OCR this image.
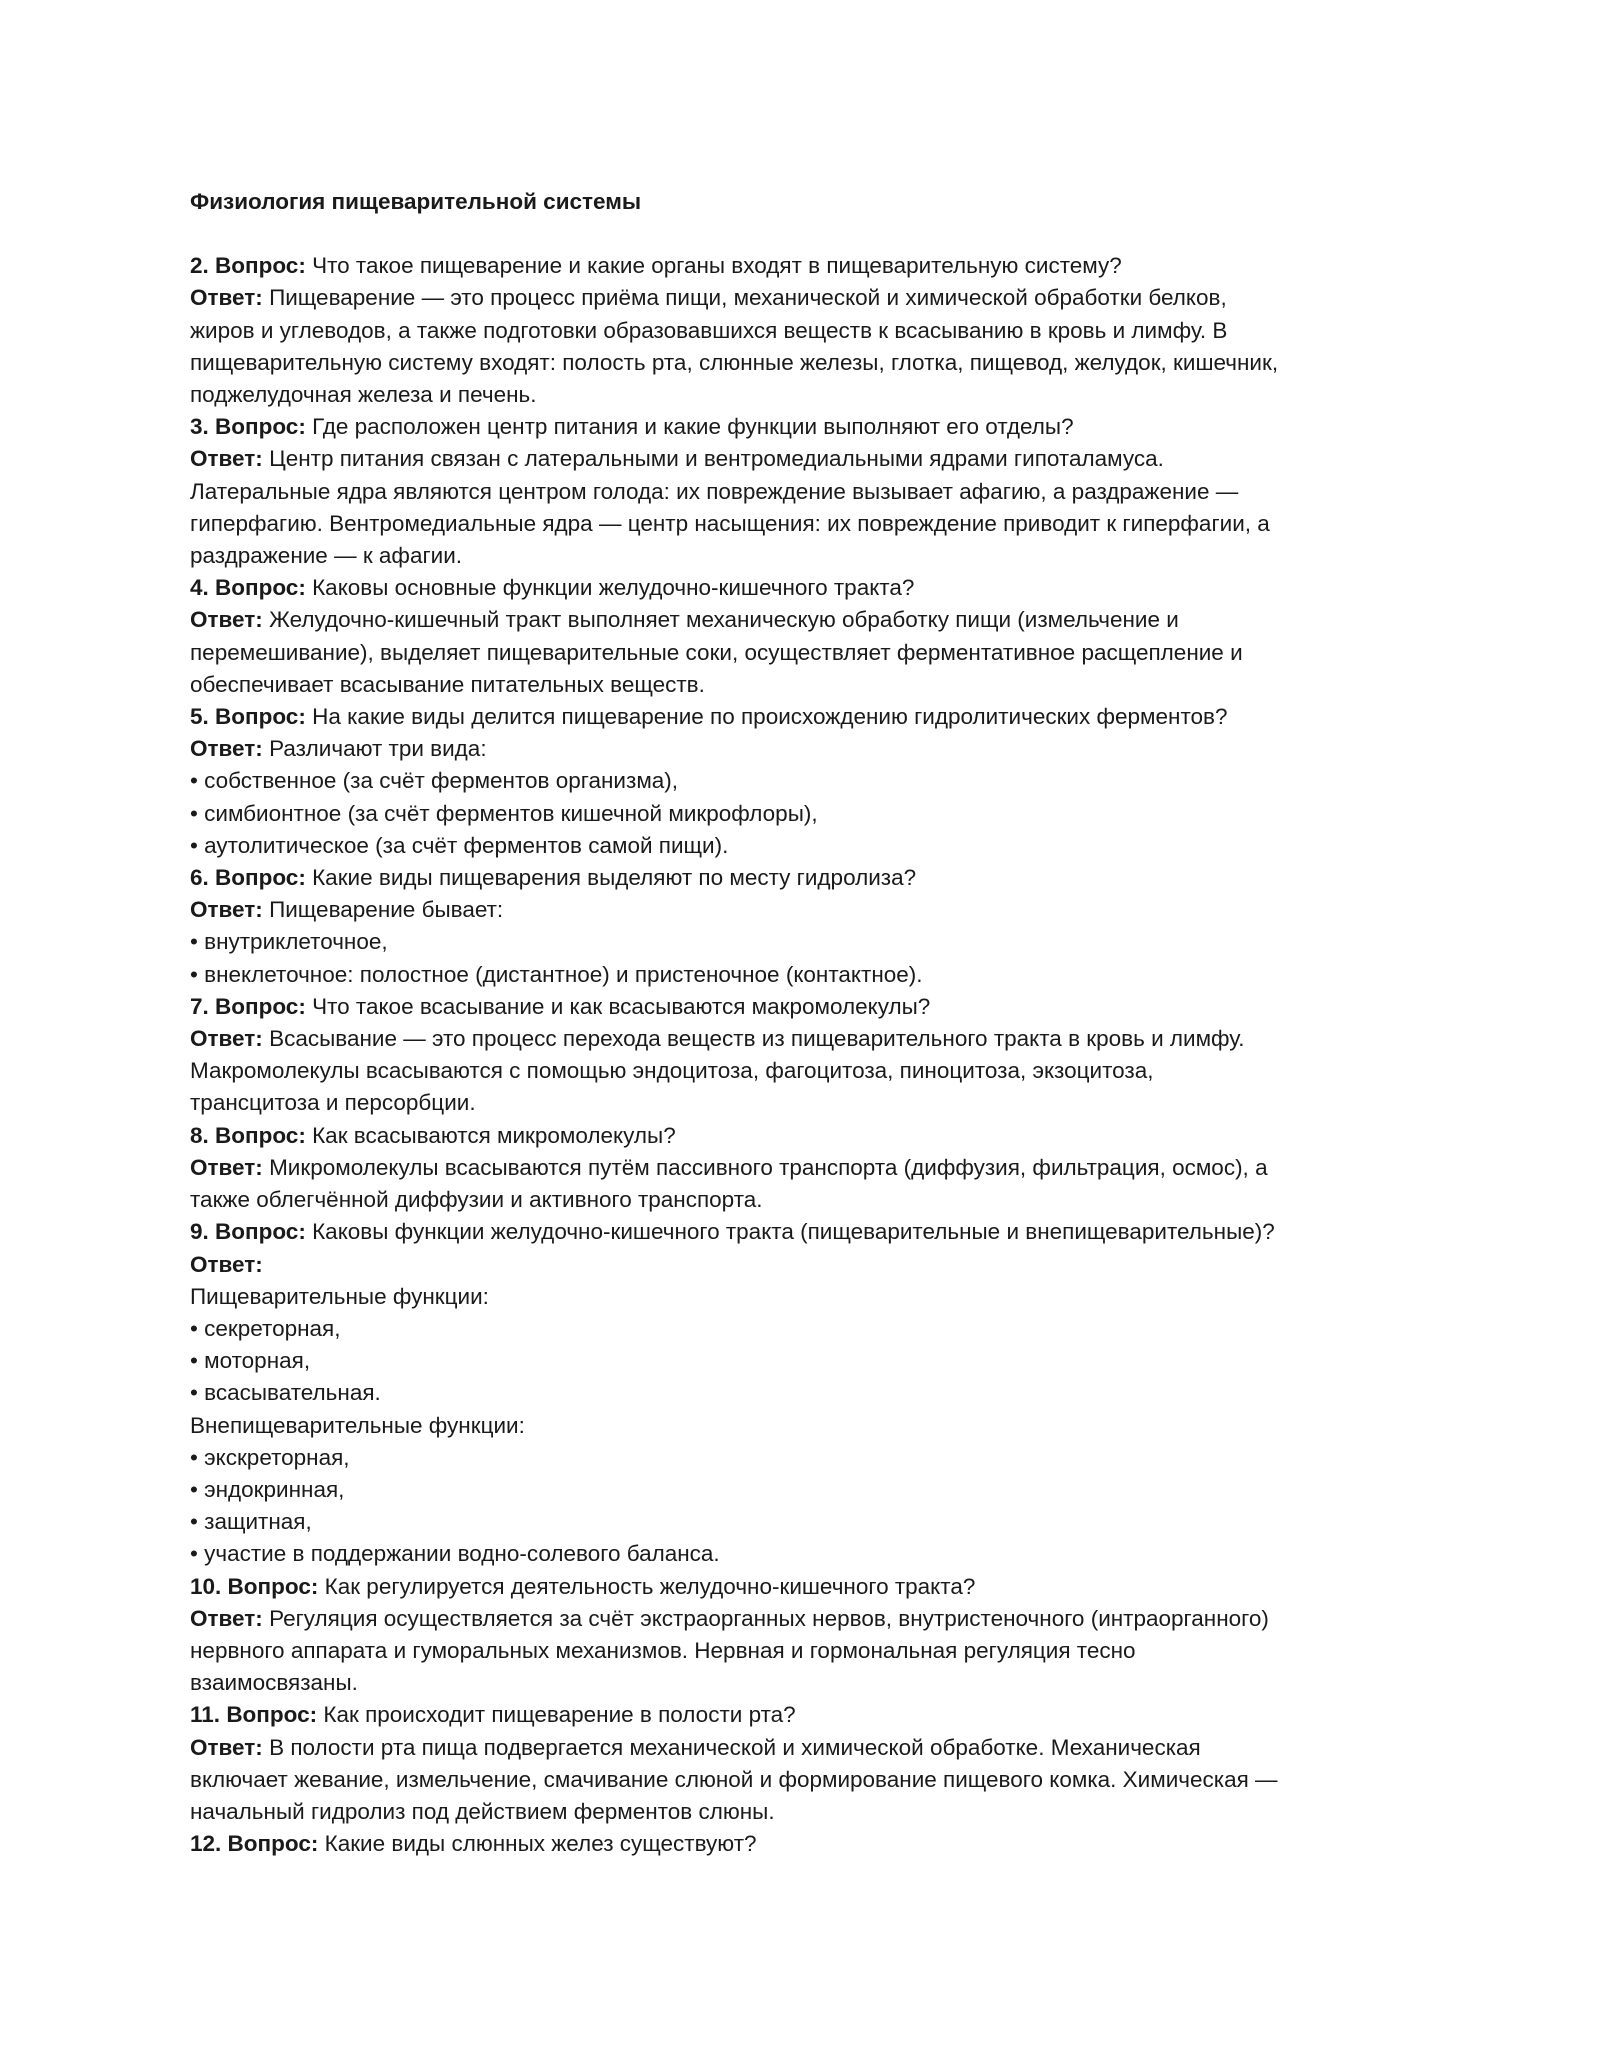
Физиология пищеварительной системы

2. Вопрос: Что такое пищеварение и какие органы входят в пищеварительную систему?

Ответ: Пищеварение — это процесс приёма пищи, механической и химической обработки белков,

жиров и углеводов, а также подготовки образовавшихся веществ к всасыванию в кровь и лимфу. В

пищеварительную систему входят: полость рта, слюнные железы, глотка, пищевод, желудок, кишечник,

поджелудочная железа и печень.

3. Вопрос: Где расположен центр питания и какие функции выполняют его отделы?

Ответ: Центр питания связан с латеральными и вентромедиальными ядрами гипоталамуса.

Латеральные ядра являются центром голода: их повреждение вызывает афагию, а раздражение —

гиперфагию. Вентромедиальные ядра — центр насыщения: их повреждение приводит к гиперфагии, а

раздражение — к афагии.

4. Вопрос: Каковы основные функции желудочно-кишечного тракта?

Ответ: Желудочно-кишечный тракт выполняет механическую обработку пищи (измельчение и

перемешивание), выделяет пищеварительные соки, осуществляет ферментативное расщепление и

обеспечивает всасывание питательных веществ.

5. Вопрос: На какие виды делится пищеварение по происхождению гидролитических ферментов?

Ответ: Различают три вида:

• собственное (за счёт ферментов организма),

• симбионтное (за счёт ферментов кишечной микрофлоры),

• аутолитическое (за счёт ферментов самой пищи).

6. Вопрос: Какие виды пищеварения выделяют по месту гидролиза?

Ответ: Пищеварение бывает:

• внутриклеточное,

• внеклеточное: полостное (дистантное) и пристеночное (контактное).

7. Вопрос: Что такое всасывание и как всасываются макромолекулы?

Ответ: Всасывание — это процесс перехода веществ из пищеварительного тракта в кровь и лимфу.

Макромолекулы всасываются с помощью эндоцитоза, фагоцитоза, пиноцитоза, экзоцитоза,

трансцитоза и персорбции.

8. Вопрос: Как всасываются микромолекулы?

Ответ: Микромолекулы всасываются путём пассивного транспорта (диффузия, фильтрация, осмос), а

также облегчённой диффузии и активного транспорта.

9. Вопрос: Каковы функции желудочно-кишечного тракта (пищеварительные и внепищеварительные)?

Ответ:

Пищеварительные функции:

• секреторная,

• моторная,

• всасывательная.

Внепищеварительные функции:

• экскреторная,

• эндокринная,

• защитная,

• участие в поддержании водно-солевого баланса.

10. Вопрос: Как регулируется деятельность желудочно-кишечного тракта?

Ответ: Регуляция осуществляется за счёт экстраорганных нервов, внутристеночного (интраорганного)

нервного аппарата и гуморальных механизмов. Нервная и гормональная регуляция тесно

взаимосвязаны.

11. Вопрос: Как происходит пищеварение в полости рта?

Ответ: В полости рта пища подвергается механической и химической обработке. Механическая

включает жевание, измельчение, смачивание слюной и формирование пищевого комка. Химическая —

начальный гидролиз под действием ферментов слюны.

12. Вопрос: Какие виды слюнных желез существуют?
